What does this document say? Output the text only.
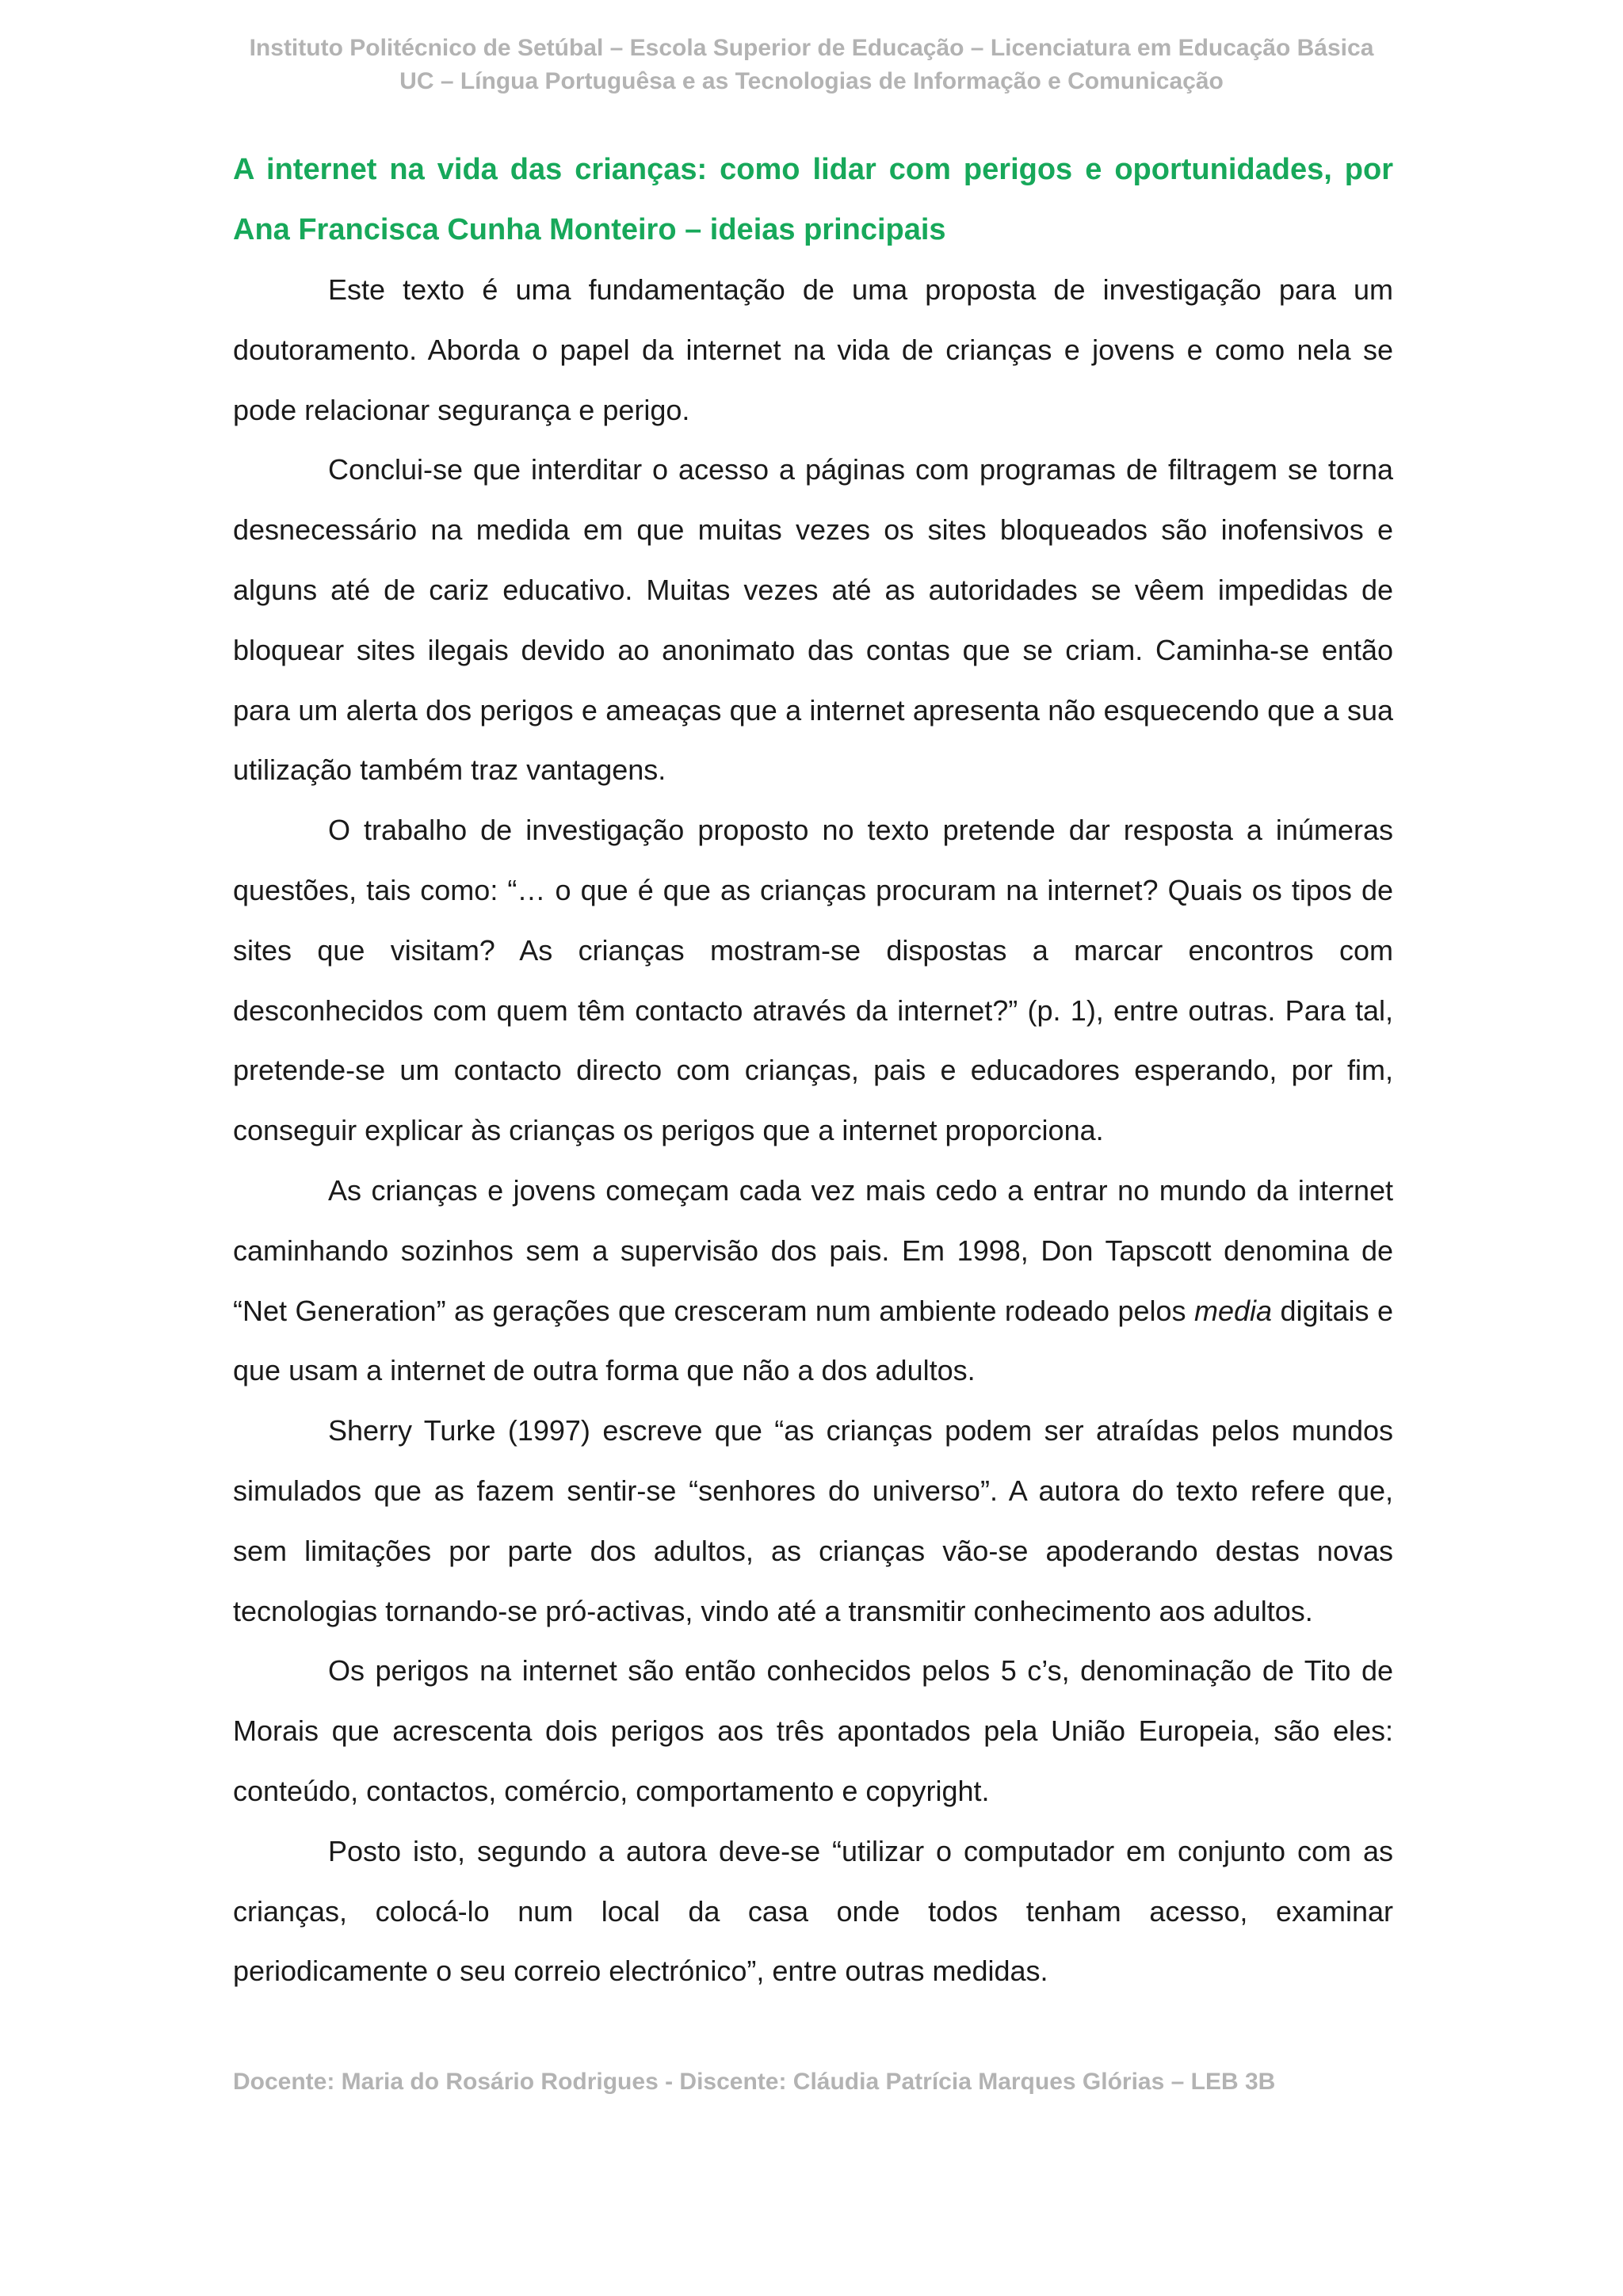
Instituto Politécnico de Setúbal – Escola Superior de Educação – Licenciatura em Educação Básica
UC – Língua Portuguêsa e as Tecnologias de Informação e Comunicação

A internet na vida das crianças: como lidar com perigos e oportunidades, por Ana Francisca Cunha Monteiro – ideias principais

Este texto é uma fundamentação de uma proposta de investigação para um doutoramento. Aborda o papel da internet na vida de crianças e jovens e como nela se pode relacionar segurança e perigo.

Conclui-se que interditar o acesso a páginas com programas de filtragem se torna desnecessário na medida em que muitas vezes os sites bloqueados são inofensivos e alguns até de cariz educativo. Muitas vezes até as autoridades se vêem impedidas de bloquear sites ilegais devido ao anonimato das contas que se criam. Caminha-se então para um alerta dos perigos e ameaças que a internet apresenta não esquecendo que a sua utilização também traz vantagens.

O trabalho de investigação proposto no texto pretende dar resposta a inúmeras questões, tais como: “… o que é que as crianças procuram na internet? Quais os tipos de sites que visitam? As crianças mostram-se dispostas a marcar encontros com desconhecidos com quem têm contacto através da internet?” (p. 1), entre outras. Para tal, pretende-se um contacto directo com crianças, pais e educadores esperando, por fim, conseguir explicar às crianças os perigos que a internet proporciona.

As crianças e jovens começam cada vez mais cedo a entrar no mundo da internet caminhando sozinhos sem a supervisão dos pais. Em 1998, Don Tapscott denomina de “Net Generation” as gerações que cresceram num ambiente rodeado pelos media digitais e que usam a internet de outra forma que não a dos adultos.

Sherry Turke (1997) escreve que “as crianças podem ser atraídas pelos mundos simulados que as fazem sentir-se “senhores do universo”. A autora do texto refere que, sem limitações por parte dos adultos, as crianças vão-se apoderando destas novas tecnologias tornando-se pró-activas, vindo até a transmitir conhecimento aos adultos.

Os perigos na internet são então conhecidos pelos 5 c’s, denominação de Tito de Morais que acrescenta dois perigos aos três apontados pela União Europeia, são eles: conteúdo, contactos, comércio, comportamento e copyright.

Posto isto, segundo a autora deve-se “utilizar o computador em conjunto com as crianças, colocá-lo num local da casa onde todos tenham acesso, examinar periodicamente o seu correio electrónico”, entre outras medidas.

Docente: Maria do Rosário Rodrigues - Discente: Cláudia Patrícia Marques Glórias – LEB 3B
